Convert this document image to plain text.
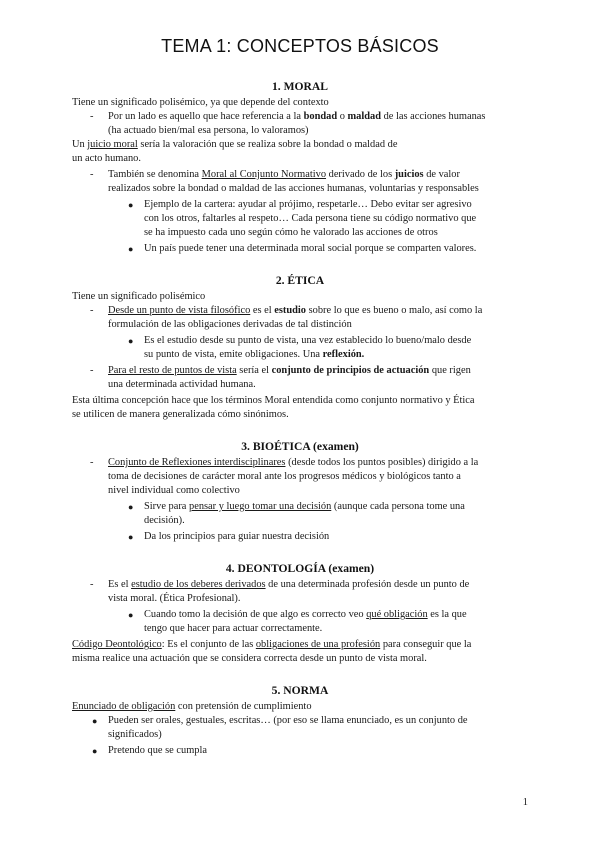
TEMA 1: CONCEPTOS BÁSICOS
1. MORAL
Tiene un significado polisémico, ya que depende del contexto
- Por un lado es aquello que hace referencia a la bondad o maldad de las acciones humanas
(ha actuado bien/mal esa persona, lo valoramos)
Un juicio moral sería la valoración que se realiza sobre la bondad o maldad de
un acto humano.
- También se denomina Moral al Conjunto Normativo derivado de los juicios de valor
realizados sobre la bondad o maldad de las acciones humanas, voluntarias y responsables
● Ejemplo de la cartera: ayudar al prójimo, respetarle… Debo evitar ser agresivo
con los otros, faltarles al respeto… Cada persona tiene su código normativo que
se ha impuesto cada uno según cómo he valorado las acciones de otros
● Un país puede tener una determinada moral social porque se comparten valores.
2. ÉTICA
Tiene un significado polisémico
- Desde un punto de vista filosófico es el estudio sobre lo que es bueno o malo, así como la
formulación de las obligaciones derivadas de tal distinción
● Es el estudio desde su punto de vista, una vez establecido lo bueno/malo desde
su punto de vista, emite obligaciones. Una reflexión.
- Para el resto de puntos de vista sería el conjunto de principios de actuación que rigen
una determinada actividad humana.
Esta última concepción hace que los términos Moral entendida como conjunto normativo y Ética
se utilicen de manera generalizada cómo sinónimos.
3. BIOÉTICA (examen)
- Conjunto de Reflexiones interdisciplinares (desde todos los puntos posibles) dirigido a la
toma de decisiones de carácter moral ante los progresos médicos y biológicos tanto a
nivel individual como colectivo
● Sirve para pensar y luego tomar una decisión (aunque cada persona tome una
decisión).
● Da los principios para guiar nuestra decisión
4. DEONTOLOGÍA (examen)
- Es el estudio de los deberes derivados de una determinada profesión desde un punto de
vista moral. (Ética Profesional).
● Cuando tomo la decisión de que algo es correcto veo qué obligación es la que
tengo que hacer para actuar correctamente.
Código Deontológico: Es el conjunto de las obligaciones de una profesión para conseguir que la
misma realice una actuación que se considera correcta desde un punto de vista moral.
5. NORMA
Enunciado de obligación con pretensión de cumplimiento
● Pueden ser orales, gestuales, escritas… (por eso se llama enunciado, es un conjunto de
significados)
● Pretendo que se cumpla
1
